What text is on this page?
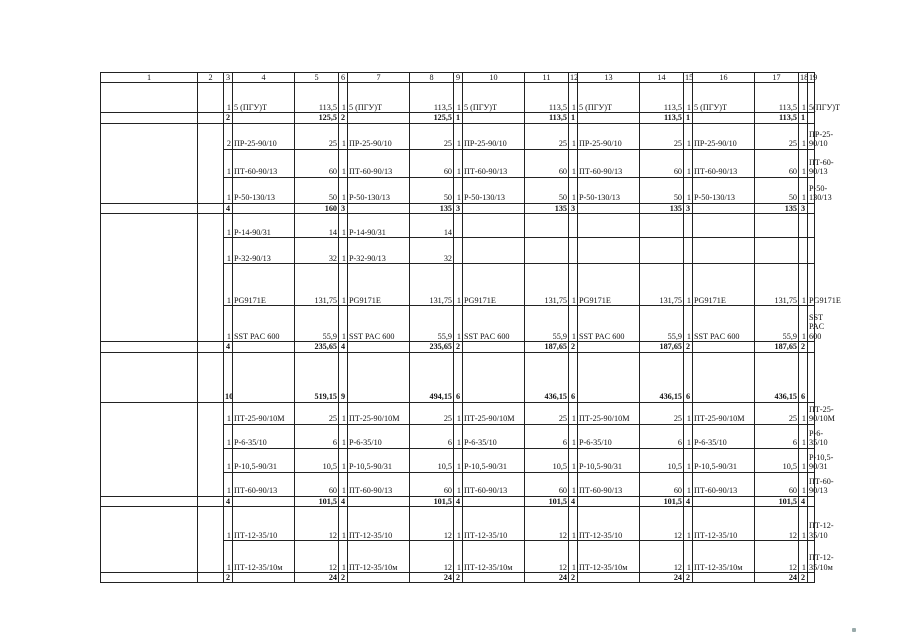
1	2	3	4	5	6	7	8	9	10	11	12	13	14	15	16	17	18	19
		1	5 (ПГУ)Т	113,5	1	5 (ПГУ)Т	113,5	1	5 (ПГУ)Т	113,5	1	5 (ПГУ)Т	113,5	1	5 (ПГУ)Т	113,5	1	5(ПГУ)Т
		2		125,5	2		125,5	1		113,5	1		113,5	1		113,5	1	
		2	ПР-25-90/10	25	1	ПР-25-90/10	25	1	ПР-25-90/10	25	1	ПР-25-90/10	25	1	ПР-25-90/10	25	1	ПР-25-90/10
		1	ПТ-60-90/13	60	1	ПТ-60-90/13	60	1	ПТ-60-90/13	60	1	ПТ-60-90/13	60	1	ПТ-60-90/13	60	1	ПТ-60-90/13
		1	Р-50-130/13	50	1	Р-50-130/13	50	1	Р-50-130/13	50	1	Р-50-130/13	50	1	Р-50-130/13	50	1	Р-50-130/13
		4		160	3		135	3		135	3		135	3		135	3	
		1	Р-14-90/31	14	1	Р-14-90/31	14											
		1	Р-32-90/13	32	1	Р-32-90/13	32											
		1	PG9171E	131,75	1	PG9171E	131,75	1	PG9171E	131,75	1	PG9171E	131,75	1	PG9171E	131,75	1	PG9171E
		1	SST PAC 600	55,9	1	SST PAC 600	55,9	1	SST PAC 600	55,9	1	SST PAC 600	55,9	1	SST PAC 600	55,9	1	SST PAC 600
		4		235,65	4		235,65	2		187,65	2		187,65	2		187,65	2	
		10		519,15	9		494,15	6		436,15	6		436,15	6		436,15	6	
		1	ПТ-25-90/10М	25	1	ПТ-25-90/10М	25	1	ПТ-25-90/10М	25	1	ПТ-25-90/10М	25	1	ПТ-25-90/10М	25	1	ПТ-25-90/10М
		1	Р-6-35/10	6	1	Р-6-35/10	6	1	Р-6-35/10	6	1	Р-6-35/10	6	1	Р-6-35/10	6	1	Р-6-35/10
		1	Р-10,5-90/31	10,5	1	Р-10,5-90/31	10,5	1	Р-10,5-90/31	10,5	1	Р-10,5-90/31	10,5	1	Р-10,5-90/31	10,5	1	Р-10,5-90/31
		1	ПТ-60-90/13	60	1	ПТ-60-90/13	60	1	ПТ-60-90/13	60	1	ПТ-60-90/13	60	1	ПТ-60-90/13	60	1	ПТ-60-90/13
		4		101,5	4		101,5	4		101,5	4		101,5	4		101,5	4	
		1	ПТ-12-35/10	12	1	ПТ-12-35/10	12	1	ПТ-12-35/10	12	1	ПТ-12-35/10	12	1	ПТ-12-35/10	12	1	ПТ-12-35/10
		1	ПТ-12-35/10м	12	1	ПТ-12-35/10м	12	1	ПТ-12-35/10м	12	1	ПТ-12-35/10м	12	1	ПТ-12-35/10м	12	1	ПТ-12-35/10м
		2		24	2		24	2		24	2		24	2		24	2	
